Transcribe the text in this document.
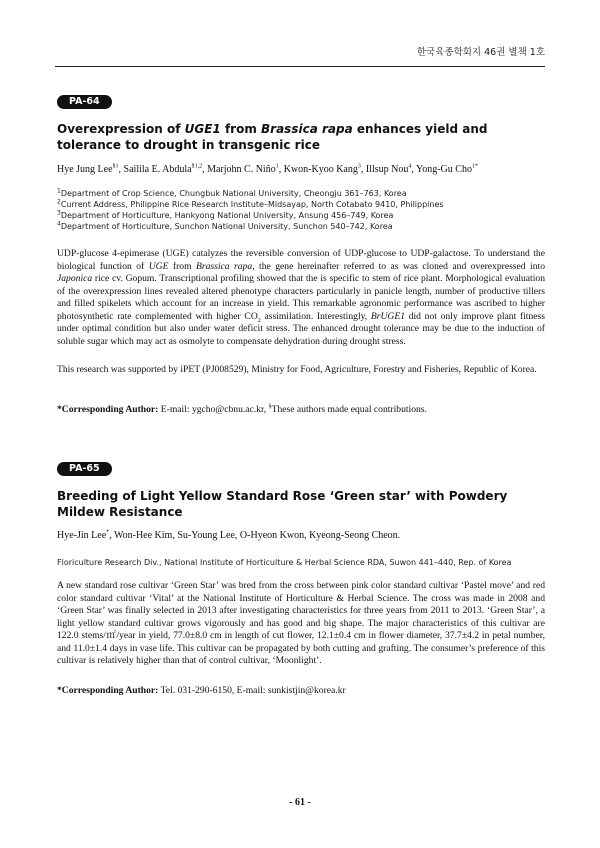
한국육종학회지 46권 별책 1호
PA-64
Overexpression of UGE1 from Brassica rapa enhances yield and tolerance to drought in transgenic rice
Hye Jung Lee$^{\S 1}$, Sailila E. Abdula$^{\S 1,2}$, Marjohn C. Niño$^1$, Kwon-Kyoo Kang$^3$, Illsup Nou$^4$, Yong-Gu Cho$^{1*}$
$^1$Department of Crop Science, Chungbuk National University, Cheongju 361–763, Korea
$^2$Current Address, Philippine Rice Research Institute–Midsayap, North Cotabato 9410, Philippines
$^3$Department of Horticulture, Hankyong National University, Ansung 456–749, Korea
$^4$Department of Horticulture, Sunchon National University, Sunchon 540–742, Korea
UDP-glucose 4-epimerase (UGE) catalyzes the reversible conversion of UDP-glucose to UDP-galactose. To understand the biological function of UGE from Brassica rapa, the gene hereinafter referred to as was cloned and overexpressed into Japonica rice cv. Gopum. Transcriptional profiling showed that the is specific to stem of rice plant. Morphological evaluation of the overexpression lines revealed altered phenotype characters particularly in panicle length, number of productive tillers and filled spikelets which account for an increase in yield. This remarkable agronomic performance was ascribed to higher photosynthetic rate complemented with higher $CO_2$ assimilation. Interestingly, BrUGE1 did not only improve plant fitness under optimal condition but also under water deficit stress. The enhanced drought tolerance may be due to the induction of soluble sugar which may act as osmolyte to compensate dehydration during drought stress.
This research was supported by iPET (PJ008529), Ministry for Food, Agriculture, Forestry and Fisheries, Republic of Korea.
*Corresponding Author: E-mail: ygcho@cbnu.ac.kr, §These authors made equal contributions.
PA-65
Breeding of Light Yellow Standard Rose ‘Green star’ with Powdery Mildew Resistance
Hye-Jin Lee*, Won-Hee Kim, Su-Young Lee, O-Hyeon Kwon, Kyeong-Seong Cheon.
Floriculture Research Div., National Institute of Horticulture & Herbal Science RDA, Suwon 441–440, Rep. of Korea
A new standard rose cultivar ‘Green Star’ was bred from the cross between pink color standard cultivar ‘Pastel move’ and red color standard cultivar ‘Vital’ at the National Institute of Horticulture & Herbal Science. The cross was made in 2008 and ‘Green Star’ was finally selected in 2013 after investigating characteristics for three years from 2011 to 2013. ‘Green Star’, a light yellow standard cultivar grows vigorously and has good and big shape. The major characteristics of this cultivar are 122.0 stems/㎡/year in yield, 77.0±8.0 cm in length of cut flower, 12.1±0.4 cm in flower diameter, 37.7±4.2 in petal number, and 11.0±1.4 days in vase life. This cultivar can be propagated by both cutting and grafting. The consumer’s preference of this cultivar is relatively higher than that of control cultivar, ‘Moonlight’.
*Corresponding Author: Tel. 031-290-6150, E-mail: sunkistjin@korea.kr
- 61 -
